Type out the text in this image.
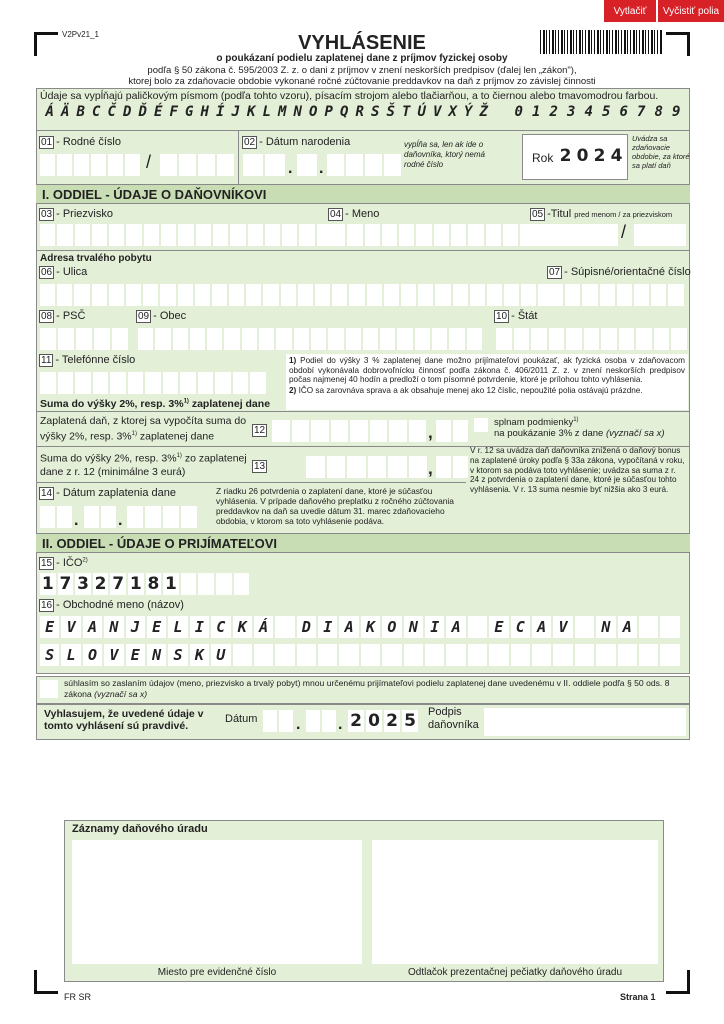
Vytlačiť	Vyčistiť polia
V2Pv21_1	VYHLÁSENIE
o poukázaní podielu zaplatenej dane z príjmov fyzickej osoby
podľa § 50 zákona č. 595/2003 Z. z. o dani z príjmov v znení neskorších predpisov (ďalej len „zákon"),
ktorej bolo za zdaňovacie obdobie vykonané ročné zúčtovanie preddavkov na daň z príjmov zo závislej činnosti
Údaje sa vypĺňajú paličkovým písmom (podľa tohto vzoru), písacím strojom alebo tlačiarňou, a to čiernou alebo tmavomodrou farbou.
Á Ä B C Č D Ď É F G H Í J K L M N O P Q R S Š T Ú V X Ý Ž	0 1 2 3 4 5 6 7 8 9
01 - Rodné číslo
/
02 - Dátum narodenia
. .
vypĺňa sa, len ak ide o daňovníka, ktorý nemá rodné číslo	Rok 2 0 2 4
Uvádza sa zdaňovacie obdobie, za ktoré sa platí daň
I. ODDIEL - ÚDAJE O DAŇOVNÍKOVI
03 - Priezvisko	04 - Meno	05 -Titul pred menom / za priezviskom
/
Adresa trvalého pobytu
06 - Ulica	07 - Súpisné/orientačné číslo
08 - PSČ	09 - Obec	10 - Štát
11 - Telefónne číslo	1) Podiel do výšky 3 % zaplatenej dane možno prijímateľovi poukázať, ak fyzická osoba v zdaňovacom období vykonávala dobrovoľnícku činnosť podľa zákona č. 406/2011 Z. z. v znení neskorších predpisov počas najmenej 40 hodín a predloží o tom písomné potvrdenie, ktoré je prílohou tohto vyhlásenia.
2) IČO sa zarovnáva sprava a ak obsahuje menej ako 12 číslic, nepoužité polia ostávajú prázdne.
Suma do výšky 2%, resp. 3%$^{1)}$ zaplatenej dane
Zaplatená daň, z ktorej sa vypočíta suma do výšky 2%, resp. 3%$^{1)}$ zaplatenej dane	12	,
splnam podmienky$^{1)}$
na poukázanie 3% z dane (vyznačí sa x)
Suma do výšky 2%, resp. 3%$^{1)}$ zo zaplatenej dane z r. 12 (minimálne 3 eurá)	13	,
V r. 12 sa uvádza daň daňovníka znížená o daňový bonus na zaplatené úroky podľa § 33a zákona, vypočítaná v roku, v ktorom sa podáva toto vyhlásenie; uvádza sa suma z r. 24 z potvrdenia o zaplatení dane, ktoré je súčasťou tohto vyhlásenia. V r. 13 suma nesmie byť nižšia ako 3 eurá.
14 - Dátum zaplatenia dane
. .
Z riadku 26 potvrdenia o zaplatení dane, ktoré je súčasťou vyhlásenia. V prípade daňového preplatku z ročného zúčtovania preddavkov na daň sa uvedie dátum 31. marec zdaňovacieho obdobia, v ktorom sa toto vyhlásenie podáva.
II. ODDIEL - ÚDAJE O PRIJÍMATEĽOVI
15 - IČO$^{2)}$
1 7 3 2 7 1 8 1
16 - Obchodné meno (názov)
E V A N J E L I C K Á	D I A K O N I A	E C A V	N A
S L O V E N S K U
súhlasím so zaslaním údajov (meno, priezvisko a trvalý pobyt) mnou určenému prijímateľovi podielu zaplatenej dane uvedenému v II. oddiele podľa § 50 ods. 8 zákona (vyznačí sa x)
Vyhlasujem, že uvedené údaje v tomto vyhlásení sú pravdivé.
Dátum . . 2 0 2 5 Podpis daňovníka
Záznamy daňového úradu
Miesto pre evidenčné číslo	Odtlačok prezentačnej pečiatky daňového úradu
FR SR	Strana 1
